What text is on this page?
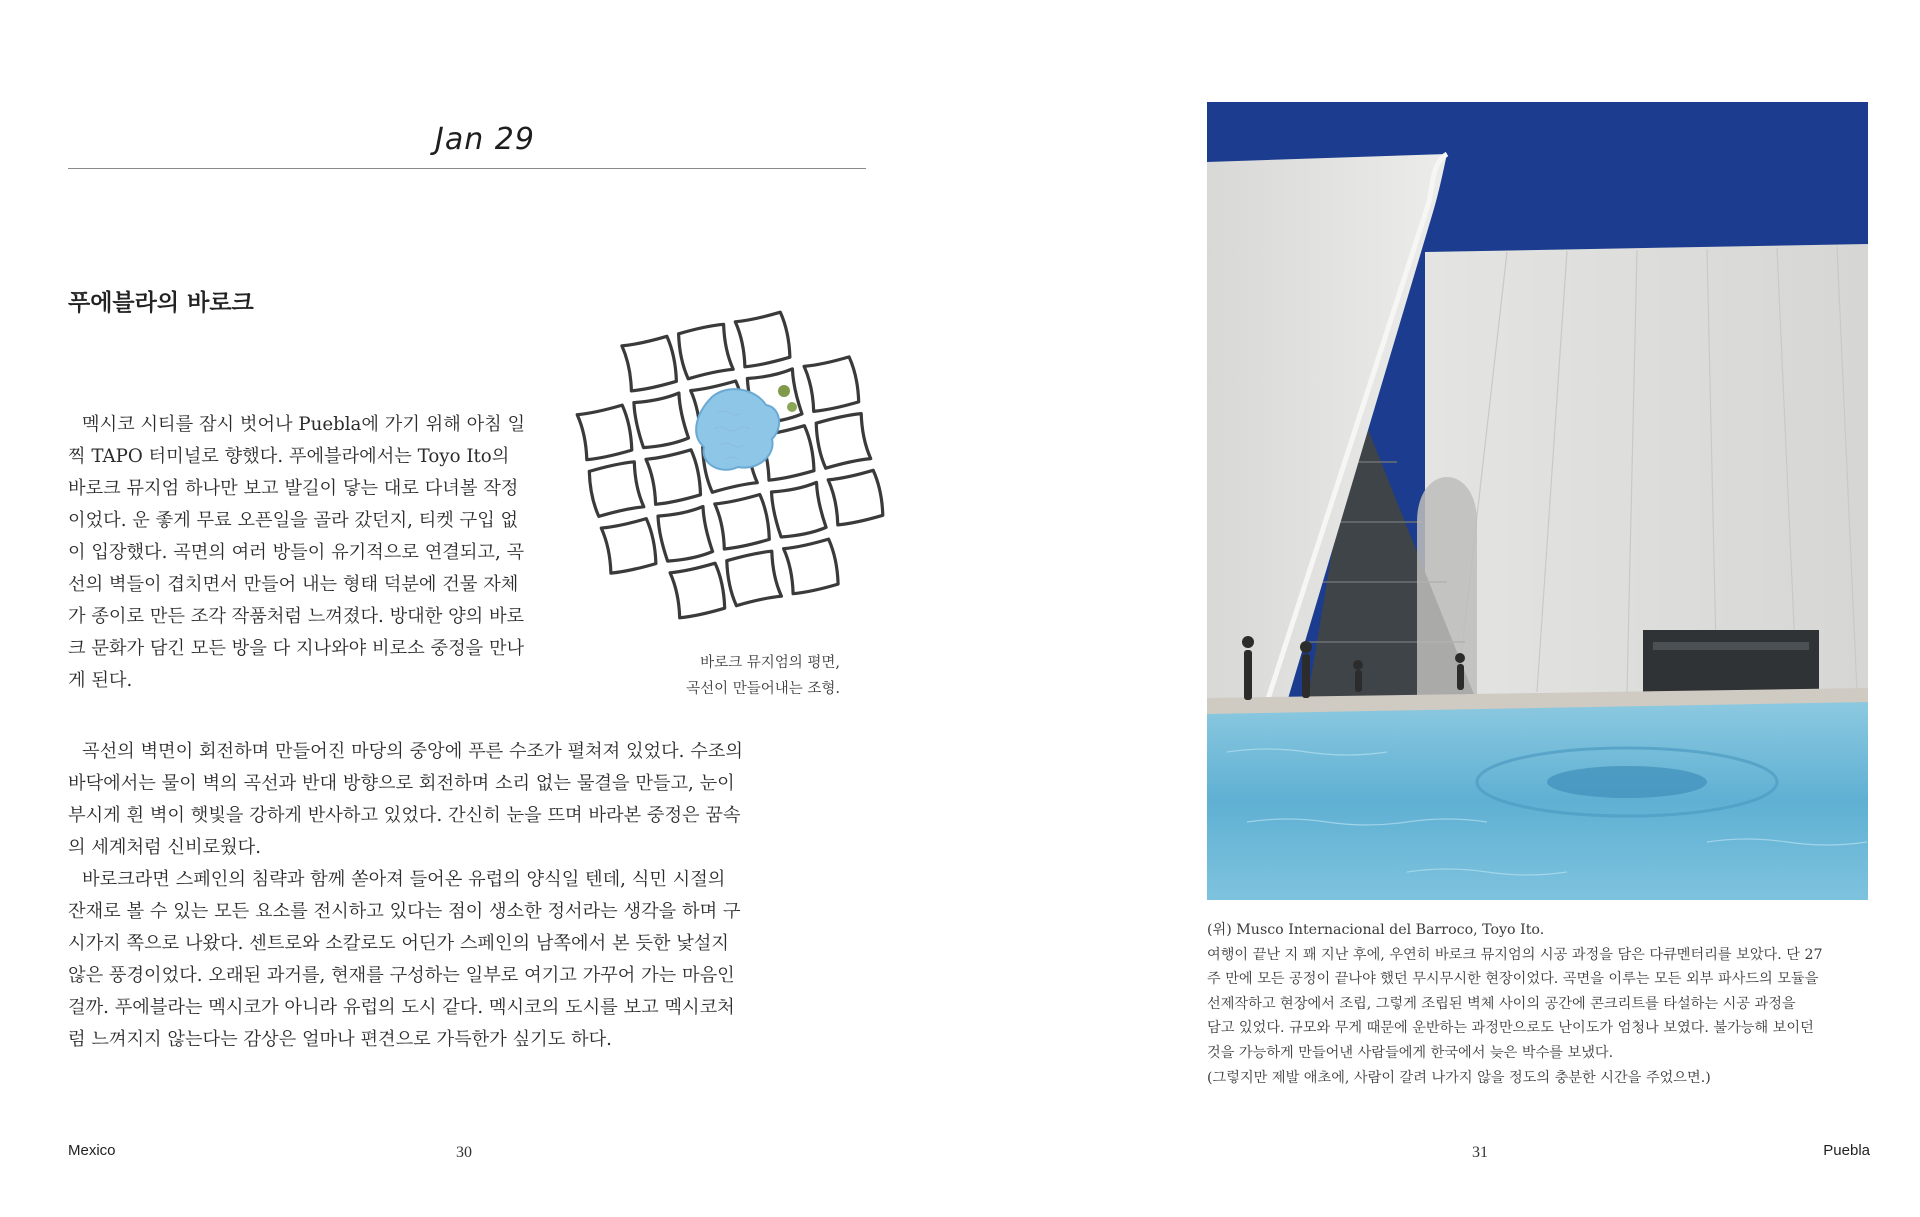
Jan 29
푸에블라의 바로크

멕시코 시티를 잠시 벗어나 Puebla에 가기 위해 아침 일찍 TAPO 터미널로 향했다. 푸에블라에서는 Toyo Ito의 바로크 뮤지엄 하나만 보고 발길이 닿는 대로 다녀볼 작정이었다. 운 좋게 무료 오픈일을 골라 갔던지, 티켓 구입 없이 입장했다. 곡면의 여러 방들이 유기적으로 연결되고, 곡선의 벽들이 겹치면서 만들어 내는 형태 덕분에 건물 자체가 종이로 만든 조각 작품처럼 느껴졌다. 방대한 양의 바로크 문화가 담긴 모든 방을 다 지나와야 비로소 중정을 만나게 된다.

곡선의 벽면이 회전하며 만들어진 마당의 중앙에 푸른 수조가 펼쳐져 있었다. 수조의 바닥에서는 물이 벽의 곡선과 반대 방향으로 회전하며 소리 없는 물결을 만들고, 눈이 부시게 흰 벽이 햇빛을 강하게 반사하고 있었다. 간신히 눈을 뜨며 바라본 중정은 꿈속의 세계처럼 신비로웠다.

바로크라면 스페인의 침략과 함께 쏟아져 들어온 유럽의 양식일 텐데, 식민 시절의 잔재로 볼 수 있는 모든 요소를 전시하고 있다는 점이 생소한 정서라는 생각을 하며 구시가지 쪽으로 나왔다. 센트로와 소칼로도 어딘가 스페인의 남쪽에서 본 듯한 낯설지 않은 풍경이었다. 오래된 과거를, 현재를 구성하는 일부로 여기고 가꾸어 가는 마음인 걸까. 푸에블라는 멕시코가 아니라 유럽의 도시 같다. 멕시코의 도시를 보고 멕시코처럼 느껴지지 않는다는 감상은 얼마나 편견으로 가득한가 싶기도 하다.

바로크 뮤지엄의 평면,
곡선이 만들어내는 조형.

Mexico	30

(위) Musco Internacional del Barroco, Toyo Ito.
여행이 끝난 지 꽤 지난 후에, 우연히 바로크 뮤지엄의 시공 과정을 담은 다큐멘터리를 보았다. 단 27
주 만에 모든 공정이 끝나야 했던 무시무시한 현장이었다. 곡면을 이루는 모든 외부 파사드의 모듈을
선제작하고 현장에서 조립, 그렇게 조립된 벽체 사이의 공간에 콘크리트를 타설하는 시공 과정을
담고 있었다. 규모와 무게 때문에 운반하는 과정만으로도 난이도가 엄청나 보였다. 불가능해 보이던
것을 가능하게 만들어낸 사람들에게 한국에서 늦은 박수를 보냈다.
(그렇지만 제발 애초에, 사람이 갈려 나가지 않을 정도의 충분한 시간을 주었으면.)

31	Puebla
